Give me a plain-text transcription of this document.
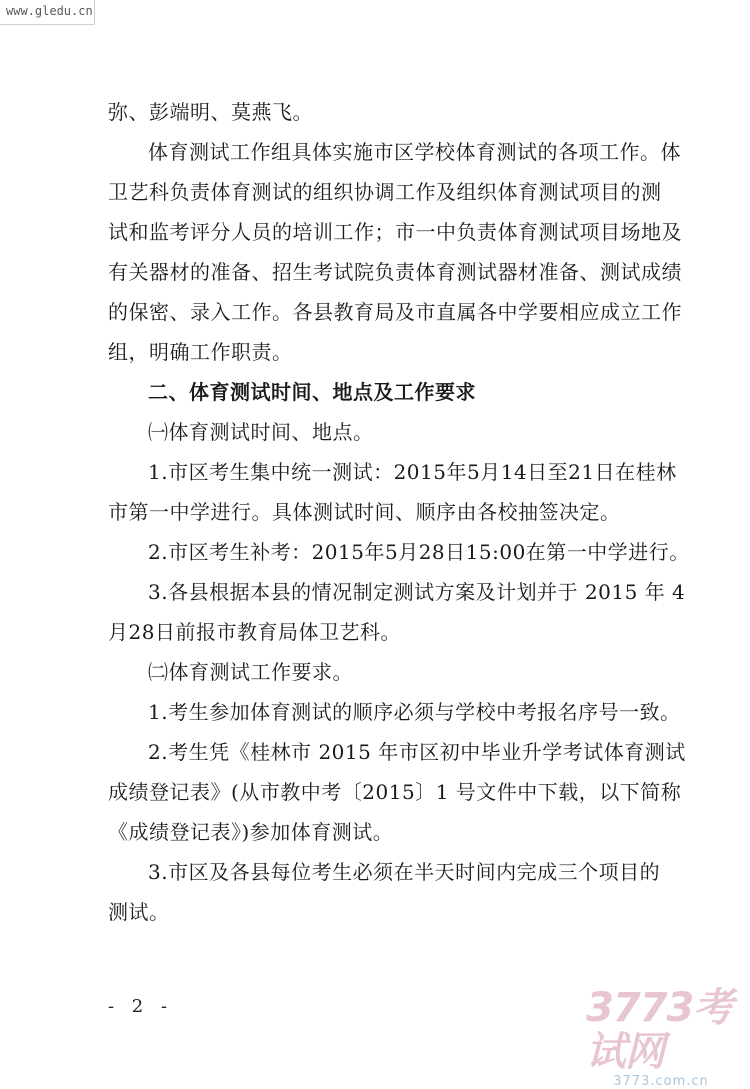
www.gledu.cn
弥、彭端明、莫燕飞。
体育测试工作组具体实施市区学校体育测试的各项工作。体
卫艺科负责体育测试的组织协调工作及组织体育测试项目的测
试和监考评分人员的培训工作；市一中负责体育测试项目场地及
有关器材的准备、招生考试院负责体育测试器材准备、测试成绩
的保密、录入工作。各县教育局及市直属各中学要相应成立工作
组，明确工作职责。
二、体育测试时间、地点及工作要求
㈠体育测试时间、地点。
1.市区考生集中统一测试：2015年5月14日至21日在桂林
市第一中学进行。具体测试时间、顺序由各校抽签决定。
2.市区考生补考：2015年5月28日15:00在第一中学进行。
3.各县根据本县的情况制定测试方案及计划并于 2015 年 4
月28日前报市教育局体卫艺科。
㈡体育测试工作要求。
1.考生参加体育测试的顺序必须与学校中考报名序号一致。
2.考生凭《桂林市 2015 年市区初中毕业升学考试体育测试
成绩登记表》(从市教中考〔2015〕1 号文件中下载，以下简称
《成绩登记表》)参加体育测试。
3.市区及各县每位考生必须在半天时间内完成三个项目的
测试。
- 2 -	3773考试网
3773.com.cn
